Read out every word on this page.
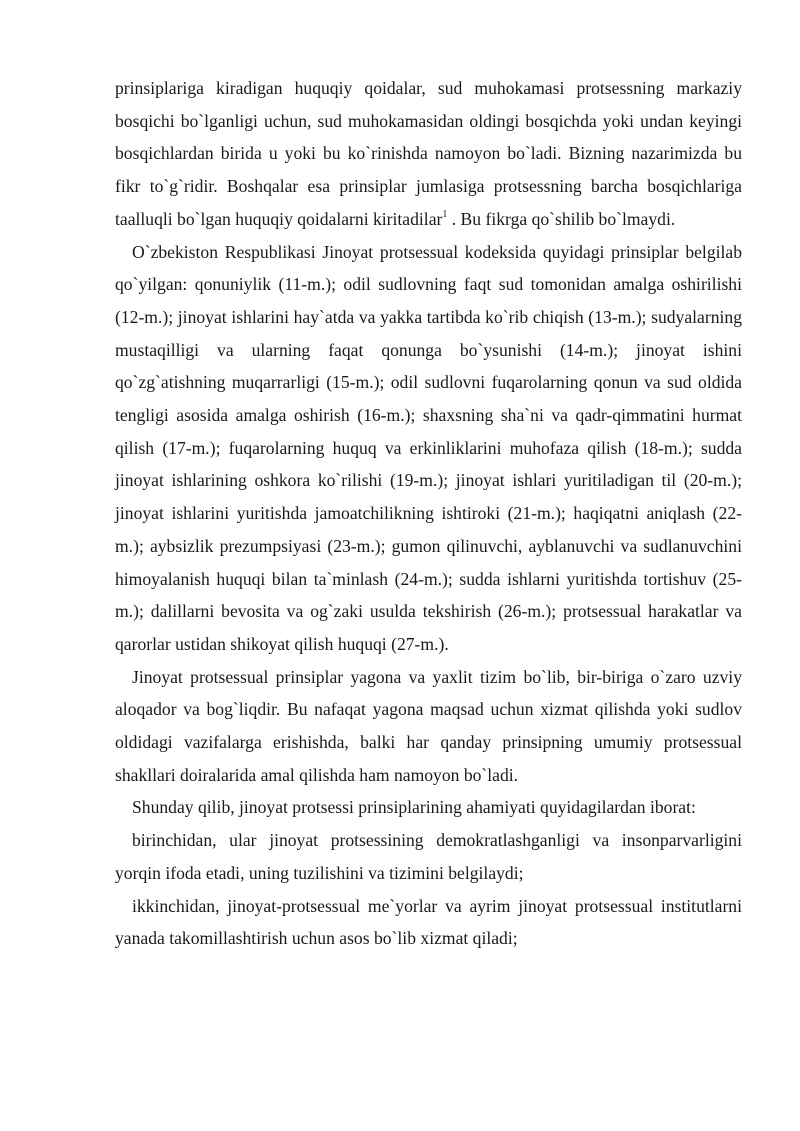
prinsiplariga kiradigan huquqiy qoidalar, sud muhokamasi protsessning markaziy bosqichi bo`lganligi uchun, sud muhokamasidan oldingi bosqichda yoki undan keyingi bosqichlardan birida u yoki bu ko`rinishda namoyon bo`ladi. Bizning nazarimizda bu fikr to`g`ridir. Boshqalar esa prinsiplar jumlasiga protsessning barcha bosqichlariga taalluqli bo`lgan huquqiy qoidalarni kiritadilar$^1$ . Bu fikrga qo`shilib bo`lmaydi.

O`zbekiston Respublikasi Jinoyat protsessual kodeksida quyidagi prinsiplar belgilab qo`yilgan: qonuniylik (11-m.); odil sudlovning faqt sud tomonidan amalga oshirilishi (12-m.); jinoyat ishlarini hay`atda va yakka tartibda ko`rib chiqish (13-m.); sudyalarning mustaqilligi va ularning faqat qonunga bo`ysunishi (14-m.); jinoyat ishini qo`zg`atishning muqarrarligi (15-m.); odil sudlovni fuqarolarning qonun va sud oldida tengligi asosida amalga oshirish (16-m.); shaxsning sha`ni va qadr-qimmatini hurmat qilish (17-m.); fuqarolarning huquq va erkinliklarini muhofaza qilish (18-m.); sudda jinoyat ishlarining oshkora ko`rilishi (19-m.); jinoyat ishlari yuritiladigan til (20-m.); jinoyat ishlarini yuritishda jamoatchilikning ishtiroki (21-m.); haqiqatni aniqlash (22-m.); aybsizlik prezumpsiyasi (23-m.); gumon qilinuvchi, ayblanuvchi va sudlanuvchini himoyalanish huquqi bilan ta`minlash (24-m.); sudda ishlarni yuritishda tortishuv (25-m.); dalillarni bevosita va og`zaki usulda tekshirish (26-m.); protsessual harakatlar va qarorlar ustidan shikoyat qilish huquqi (27-m.).

Jinoyat protsessual prinsiplar yagona va yaxlit tizim bo`lib, bir-biriga o`zaro uzviy aloqador va bog`liqdir. Bu nafaqat yagona maqsad uchun xizmat qilishda yoki sudlov oldidagi vazifalarga erishishda, balki har qanday prinsipning umumiy protsessual shakllari doiralarida amal qilishda ham namoyon bo`ladi.

Shunday qilib, jinoyat protsessi prinsiplarining ahamiyati quyidagilardan iborat:

birinchidan, ular jinoyat protsessining demokratlashganligi va insonparvarligini yorqin ifoda etadi, uning tuzilishini va tizimini belgilaydi;

ikkinchidan, jinoyat-protsessual me`yorlar va ayrim jinoyat protsessual institutlarni yanada takomillashtirish uchun asos bo`lib xizmat qiladi;
